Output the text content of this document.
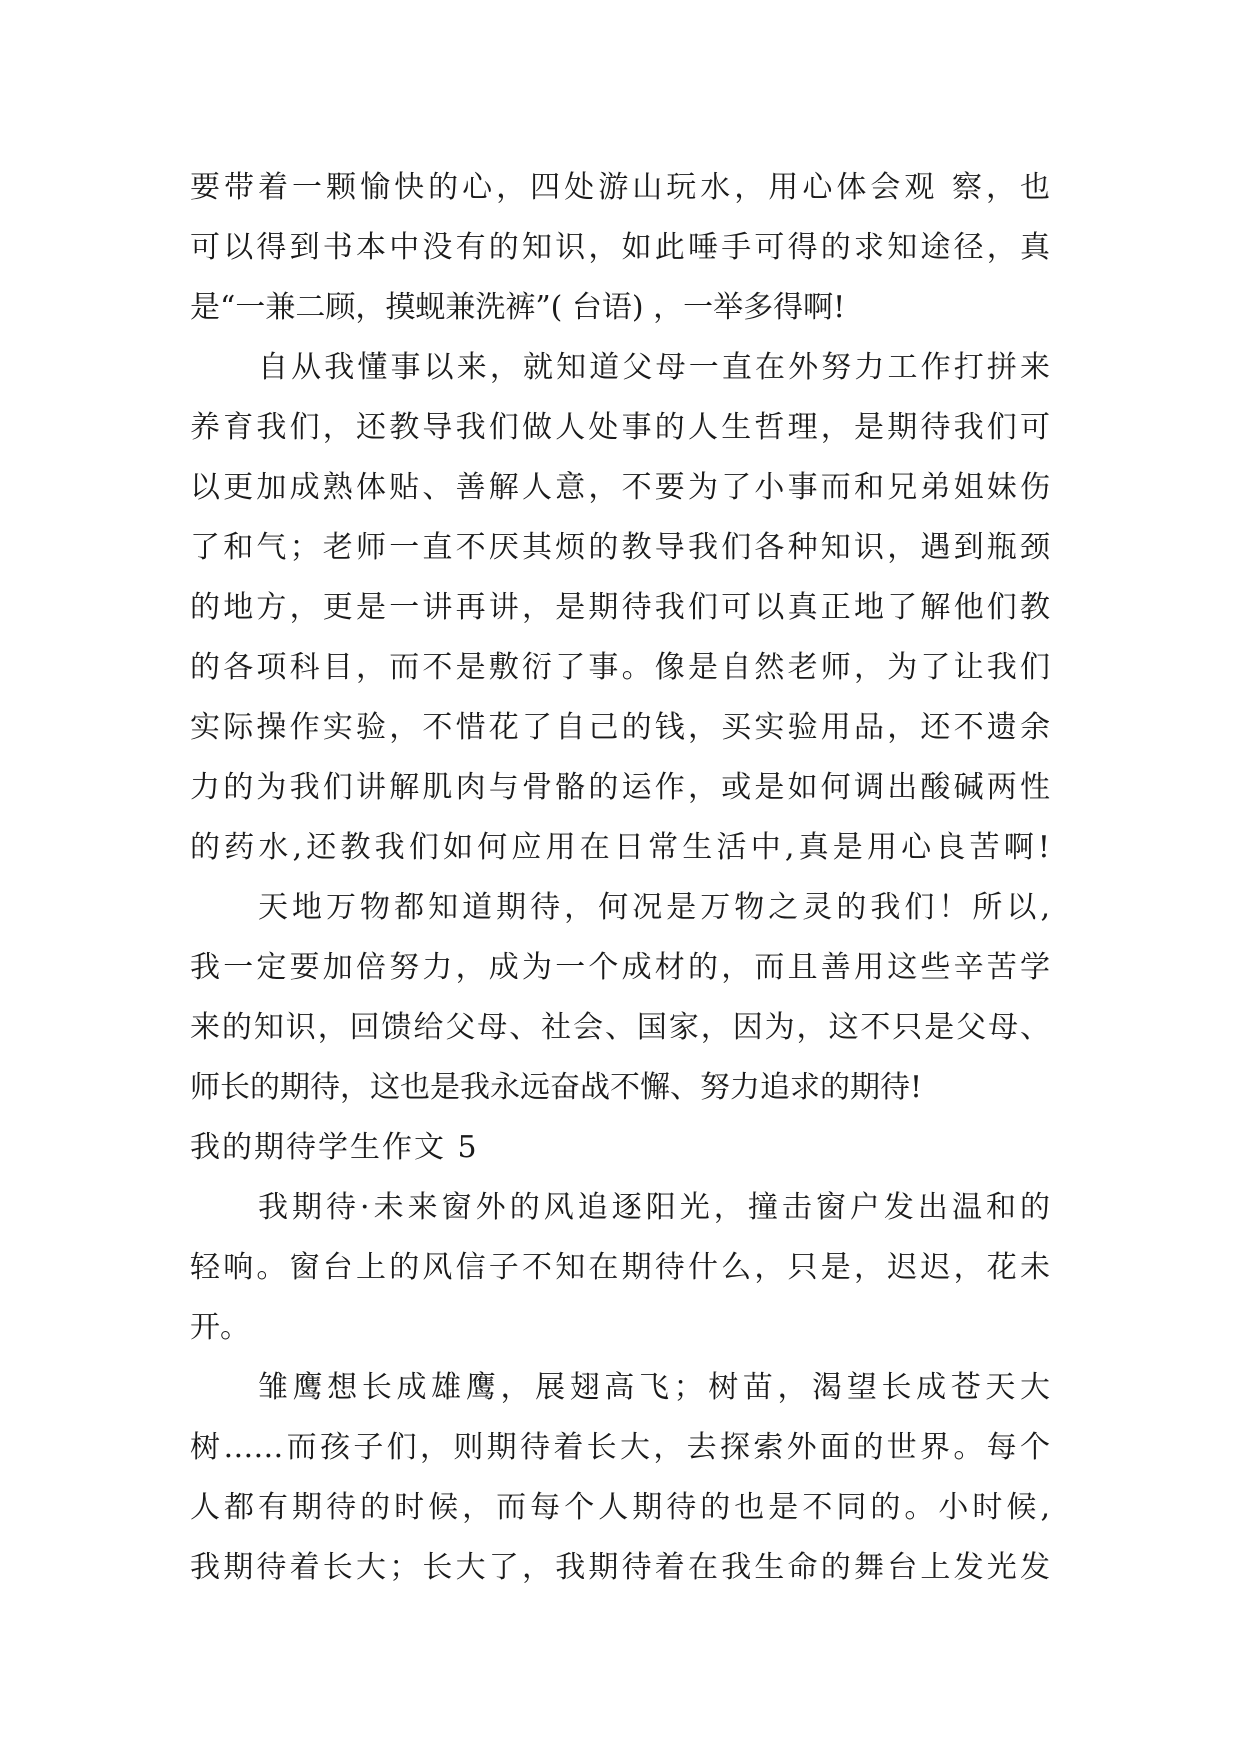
要带着一颗愉快的心，四处游山玩水，用心体会观 察，也
可以得到书本中没有的知识，如此唾手可得的求知途径，真
是“一兼二顾，摸蚬兼洗裤”( 台语) ，一举多得啊!
自从我懂事以来，就知道父母一直在外努力工作打拼来
养育我们，还教导我们做人处事的人生哲理，是期待我们可
以更加成熟体贴、善解人意，不要为了小事而和兄弟姐妹伤
了和气；老师一直不厌其烦的教导我们各种知识，遇到瓶颈
的地方，更是一讲再讲，是期待我们可以真正地了解他们教
的各项科目，而不是敷衍了事。像是自然老师，为了让我们
实际操作实验，不惜花了自己的钱，买实验用品，还不遗余
力的为我们讲解肌肉与骨骼的运作，或是如何调出酸碱两性
的药水,还教我们如何应用在日常生活中,真是用心良苦啊!
天地万物都知道期待，何况是万物之灵的我们！所以,
我一定要加倍努力，成为一个成材的，而且善用这些辛苦学
来的知识，回馈给父母、社会、国家，因为，这不只是父母、
师长的期待，这也是我永远奋战不懈、努力追求的期待!
我的期待学生作文 5
我期待·未来窗外的风追逐阳光，撞击窗户发出温和的
轻响。窗台上的风信子不知在期待什么，只是，迟迟，花未
开。
雏鹰想长成雄鹰，展翅高飞；树苗，渴望长成苍天大
树……而孩子们，则期待着长大，去探索外面的世界。每个
人都有期待的时候，而每个人期待的也是不同的。小时候,
我期待着长大；长大了，我期待着在我生命的舞台上发光发
